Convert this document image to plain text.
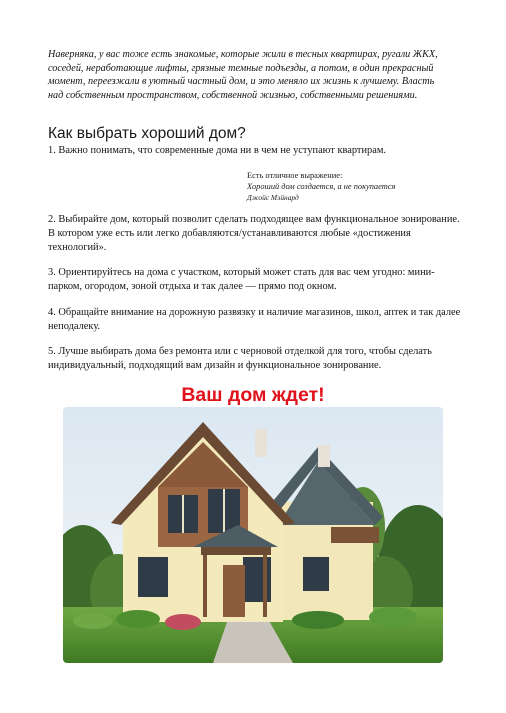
Наверняка, у вас тоже есть знакомые, которые жили в тесных квартирах, ругали ЖКХ, соседей, неработающие лифты, грязные темные подъезды, а потом, в один прекрасный момент, переезжали в уютный частный дом, и это меняло их жизнь к лучшему. Власть над собственным пространством, собственной жизнью, собственными решениями.

Как выбрать хороший дом?

1. Важно понимать, что современные дома ни в чем не уступают квартирам.

Есть отличное выражение:
Хороший дом создается, а не покупается
Джойс Мэйнард

2. Выбирайте дом, который позволит сделать подходящее вам функциональное зонирование. В котором уже есть или легко добавляются/устанавливаются любые «достижения технологий».

3. Ориентируйтесь на дома с участком, который может стать для вас чем угодно: мини-парком, огородом, зоной отдыха и так далее — прямо под окном.

4. Обращайте внимание на дорожную развязку и наличие магазинов, школ, аптек и так далее неподалеку.

5. Лучше выбирать дома без ремонта или с черновой отделкой для того, чтобы сделать индивидуальный, подходящий вам дизайн и функциональное зонирование.

Ваш дом ждет!
